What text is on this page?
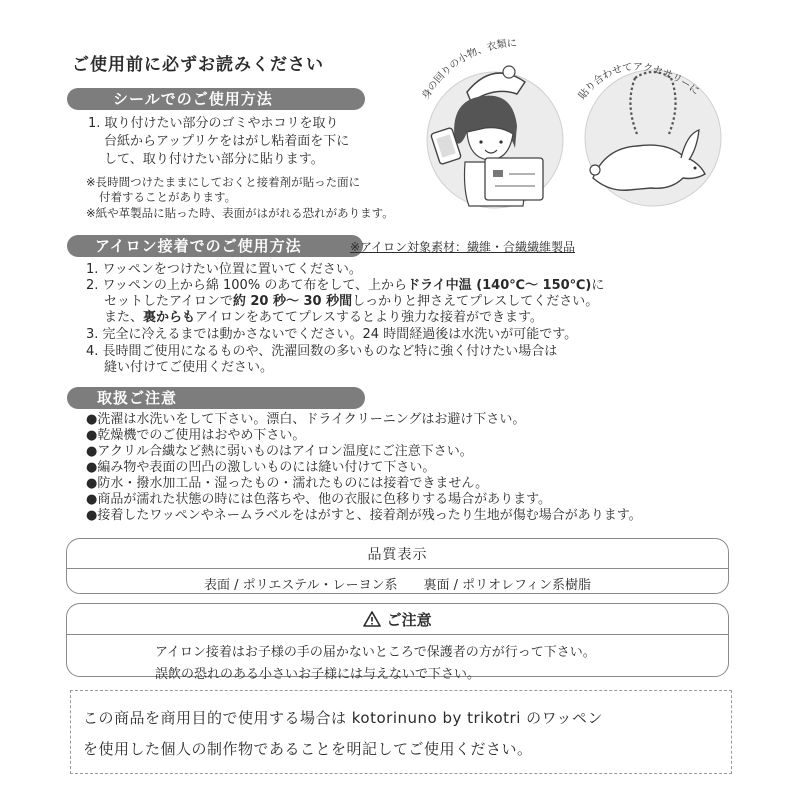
ご使用前に必ずお読みください
身の回りの小物、衣類に
貼り合わせてアクセサリーに
シールでのご使用方法
1. 取り付けたい部分のゴミやホコリを取り
台紙からアップリケをはがし粘着面を下に
して、取り付けたい部分に貼ります。
※長時間つけたままにしておくと接着剤が貼った面に
付着することがあります。
※紙や革製品に貼った時、表面がはがれる恐れがあります。
アイロン接着でのご使用方法	※アイロン対象素材：繊維・合繊繊維製品
1. ワッペンをつけたい位置に置いてください。
2. ワッペンの上から綿 100% のあて布をして、上からドライ中温 (140℃～ 150℃)に
セットしたアイロンで約 20 秒～ 30 秒間しっかりと押さえてプレスしてください。
また、裏からもアイロンをあててプレスするとより強力な接着ができます。
3. 完全に冷えるまでは動かさないでください。24 時間経過後は水洗いが可能です。
4. 長時間ご使用になるものや、洗濯回数の多いものなど特に強く付けたい場合は
縫い付けてご使用ください。
取扱ご注意
●洗濯は水洗いをして下さい。漂白、ドライクリーニングはお避け下さい。
●乾燥機でのご使用はおやめ下さい。
●アクリル合繊など熱に弱いものはアイロン温度にご注意下さい。
●編み物や表面の凹凸の激しいものには縫い付けて下さい。
●防水・撥水加工品・湿ったもの・濡れたものには接着できません。
●商品が濡れた状態の時には色落ちや、他の衣服に色移りする場合があります。
●接着したワッペンやネームラベルをはがすと、接着剤が残ったり生地が傷む場合があります。
品質表示
表面 / ポリエステル・レーヨン系　　裏面 / ポリオレフィン系樹脂
ご注意
アイロン接着はお子様の手の届かないところで保護者の方が行って下さい。
誤飲の恐れのある小さいお子様には与えないで下さい。
この商品を商用目的で使用する場合は kotorinuno by trikotri のワッペン
を使用した個人の制作物であることを明記してご使用ください。
